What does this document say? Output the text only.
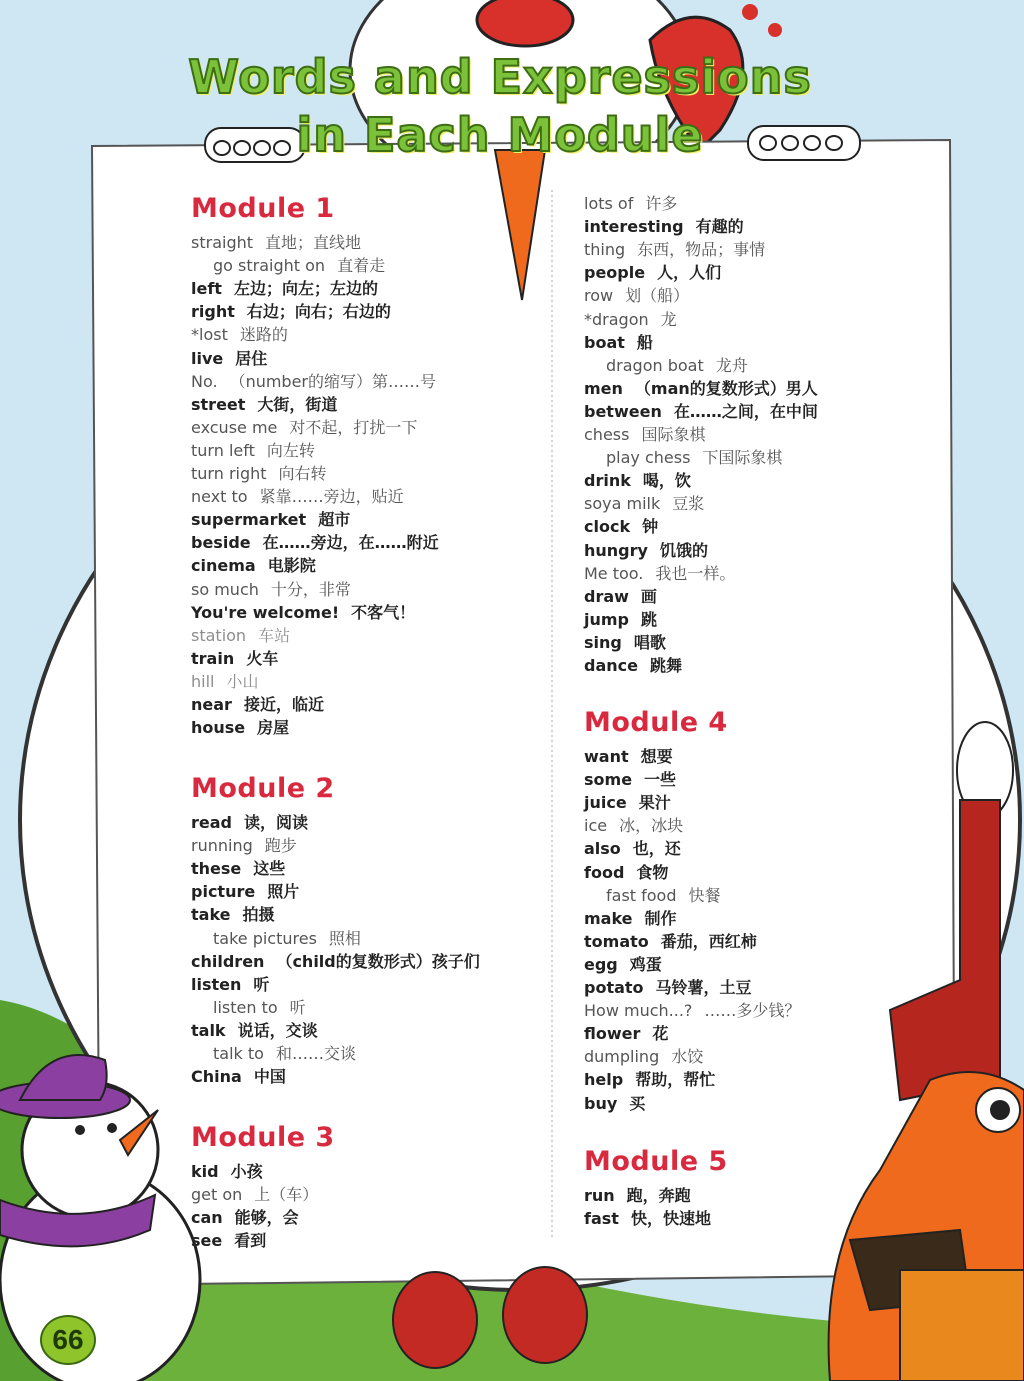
Words and Expressions
in Each Module
Module 1
straight 直地；直线地
go straight on 直着走
left 左边；向左；左边的
right 右边；向右；右边的
*lost 迷路的
live 居住
No. （number的缩写）第……号
street 大街，街道
excuse me 对不起，打扰一下
turn left 向左转
turn right 向右转
next to 紧靠……旁边，贴近
supermarket 超市
beside 在……旁边，在……附近
cinema 电影院
so much 十分，非常
You're welcome! 不客气！
station 车站
train 火车
hill 小山
near 接近，临近
house 房屋
Module 2
read 读，阅读
running 跑步
these 这些
picture 照片
take 拍摄
take pictures 照相
children （child的复数形式）孩子们
listen 听
listen to 听
talk 说话，交谈
talk to 和……交谈
China 中国
Module 3
kid 小孩
get on 上（车）
can 能够，会
see 看到
lots of 许多
interesting 有趣的
thing 东西，物品；事情
people 人，人们
row 划（船）
*dragon 龙
boat 船
dragon boat 龙舟
men （man的复数形式）男人
between 在……之间，在中间
chess 国际象棋
play chess 下国际象棋
drink 喝，饮
soya milk 豆浆
clock 钟
hungry 饥饿的
Me too. 我也一样。
draw 画
jump 跳
sing 唱歌
dance 跳舞
Module 4
want 想要
some 一些
juice 果汁
ice 冰，冰块
also 也，还
food 食物
fast food 快餐
make 制作
tomato 番茄，西红柿
egg 鸡蛋
potato 马铃薯，土豆
How much...? ……多少钱？
flower 花
dumpling 水饺
help 帮助，帮忙
buy 买
Module 5
run 跑，奔跑
fast 快，快速地
66
